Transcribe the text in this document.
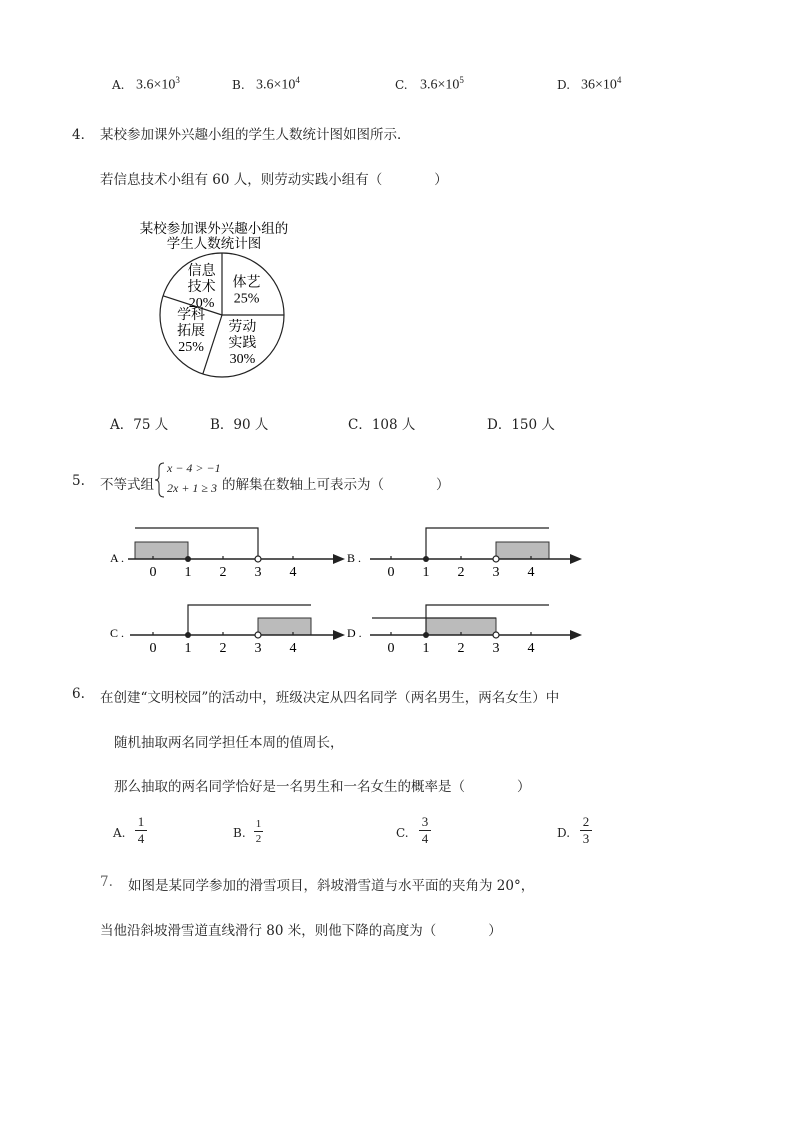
A. $3.6\times 10^3$	B. $3.6\times 10^4$	C. $3.6\times 10^5$	D. $36\times 10^4$
4． 某校参加课外兴趣小组的学生人数统计图如图所示．
若信息技术小组有 60 人，则劳动实践小组有（	）
某校参加课外兴趣小组的
学生人数统计图
体艺
25%
劳动
实践
30%
学科
拓展
25%
信息
技术
20%
A．75 人	B．90 人	C．108 人	D．150 人
5. 不等式组
x − 4 > −1
2x + 1 ≥ 3 的解集在数轴上可表示为（	）
A .
0 1 2 3 4
B .
0 1 2 3 4
C .
0 1 2 3 4
D .
0 1 2 3 4
6. 在创建“文明校园”的活动中，班级决定从四名同学（两名男生，两名女生）中
随机抽取两名同学担任本周的值周长，
那么抽取的两名同学恰好是一名男生和一名女生的概率是（	）
A.
1
4	B.
1
2	C.
3
4	D.
2
3
7. 如图是某同学参加的滑雪项目，斜坡滑雪道与水平面的夹角为 20°，
当他沿斜坡滑雪道直线滑行 80 米，则他下降的高度为（	）
